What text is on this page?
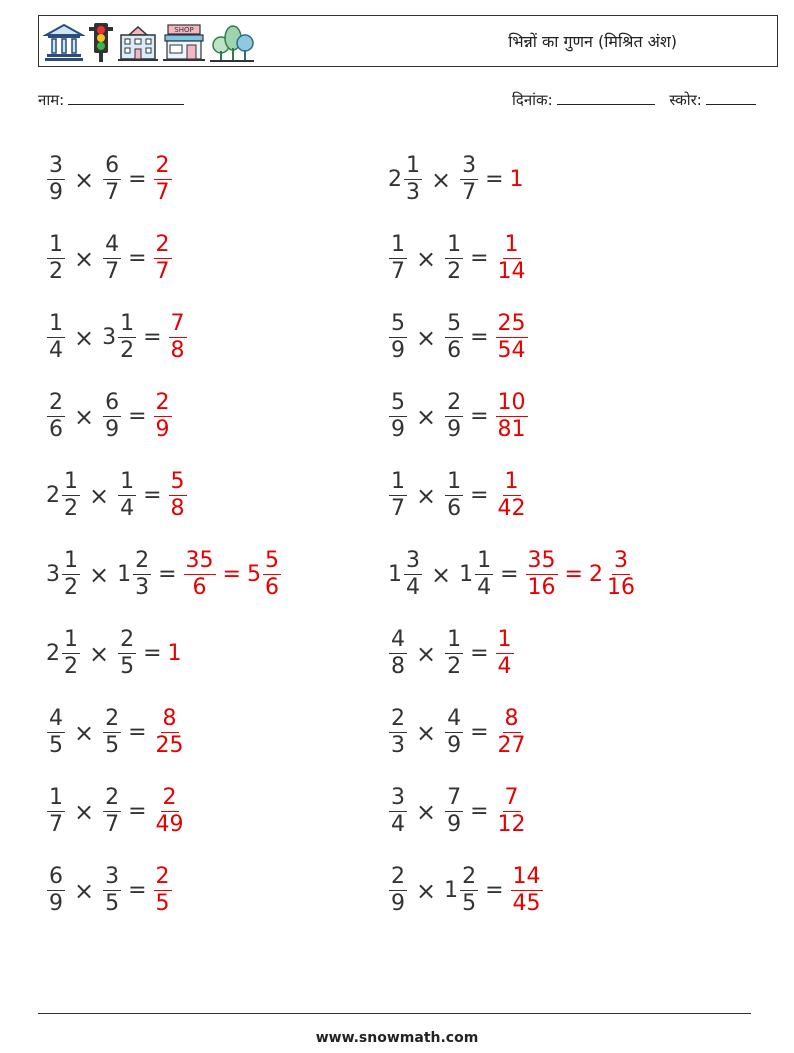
SHOP
भिन्नों का गुणन (मिश्रित अंश)
नाम:	दिनांक:	स्कोर:
$\frac{3}{9} \times \frac{6}{7} = \frac{2}{7}$
$\frac{1}{2} \times \frac{4}{7} = \frac{2}{7}$
$\frac{1}{4} \times 3 \frac{1}{2} = \frac{7}{8}$
$\frac{2}{6} \times \frac{6}{9} = \frac{2}{9}$
$2 \frac{1}{2} \times \frac{1}{4} = \frac{5}{8}$
$3 \frac{1}{2} \times 1 \frac{2}{3} = \frac{35}{6} = 5 \frac{5}{6}$
$2 \frac{1}{2} \times \frac{2}{5} = 1$
$\frac{4}{5} \times \frac{2}{5} = \frac{8}{25}$
$\frac{1}{7} \times \frac{2}{7} = \frac{2}{49}$
$\frac{6}{9} \times \frac{3}{5} = \frac{2}{5}$
$2 \frac{1}{3} \times \frac{3}{7} = 1$
$\frac{1}{7} \times \frac{1}{2} = \frac{1}{14}$
$\frac{5}{9} \times \frac{5}{6} = \frac{25}{54}$
$\frac{5}{9} \times \frac{2}{9} = \frac{10}{81}$
$\frac{1}{7} \times \frac{1}{6} = \frac{1}{42}$
$1 \frac{3}{4} \times 1 \frac{1}{4} = \frac{35}{16} = 2 \frac{3}{16}$
$\frac{4}{8} \times \frac{1}{2} = \frac{1}{4}$
$\frac{2}{3} \times \frac{4}{9} = \frac{8}{27}$
$\frac{3}{4} \times \frac{7}{9} = \frac{7}{12}$
$\frac{2}{9} \times 1 \frac{2}{5} = \frac{14}{45}$
www.snowmath.com
